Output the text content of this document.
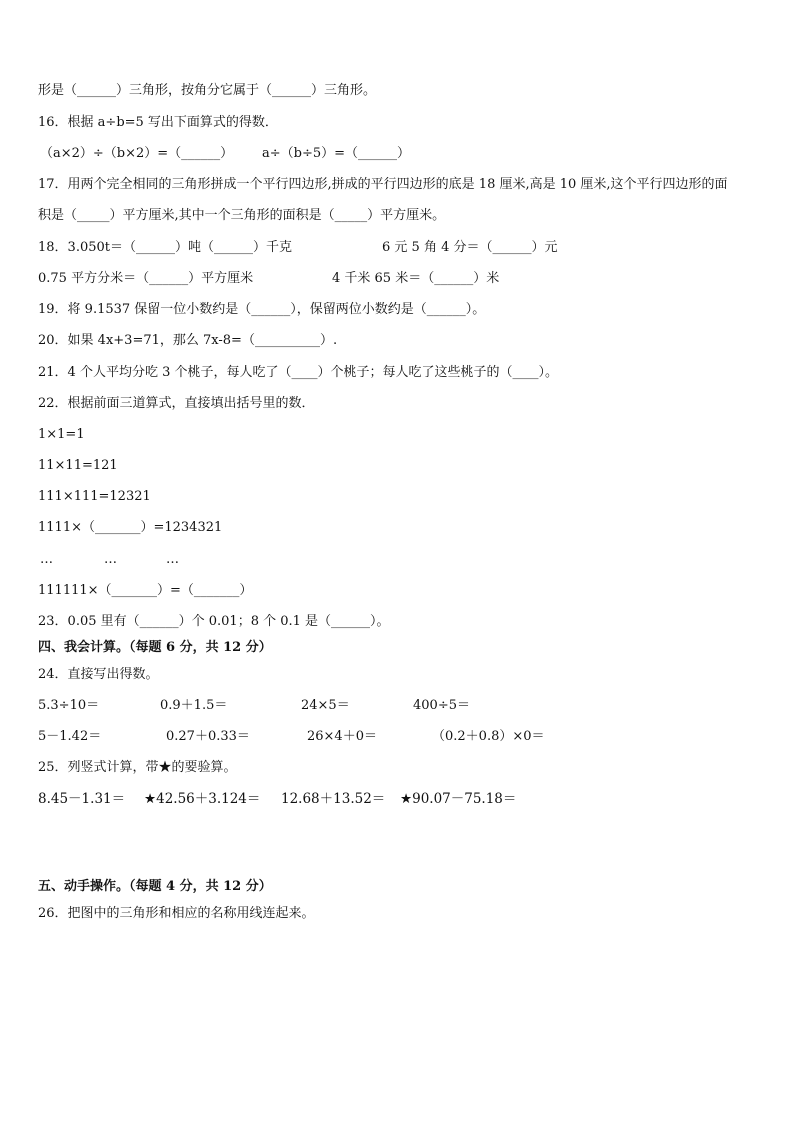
形是（______）三角形，按角分它属于（______）三角形。
16．根据 a÷b=5 写出下面算式的得数．
（a×2）÷（b×2）=（______） a÷（b÷5）=（______）
17．用两个完全相同的三角形拼成一个平行四边形,拼成的平行四边形的底是 18 厘米,高是 10 厘米,这个平行四边形的面
积是（_____）平方厘米,其中一个三角形的面积是（_____）平方厘米。
18．3.050t＝（______）吨（______）千克	6 元 5 角 4 分＝（______）元
0.75 平方分米＝（______）平方厘米	4 千米 65 米＝（______）米
19．将 9.1537 保留一位小数约是（______），保留两位小数约是（______）。
20．如果 4x+3=71，那么 7x-8=（__________）.
21．4 个人平均分吃 3 个桃子，每人吃了（____）个桃子；每人吃了这些桃子的（____）。
22．根据前面三道算式，直接填出括号里的数．
1×1=1
11×11=121
111×111=12321
1111×（_______）=1234321
…	…	…
111111×（_______）=（_______）
23．0.05 里有（______）个 0.01；8 个 0.1 是（______）。
四、我会计算。（每题 6 分，共 12 分）
24．直接写出得数。
5.3÷10＝	0.9＋1.5＝	24×5＝	400÷5＝
5－1.42＝	0.27＋0.33＝	26×4＋0＝	（0.2＋0.8）×0＝
25．列竖式计算，带★的要验算。
8.45－1.31＝ ★42.56＋3.124＝ 12.68＋13.52＝ ★90.07－75.18＝
五、动手操作。（每题 4 分，共 12 分）
26．把图中的三角形和相应的名称用线连起来。
